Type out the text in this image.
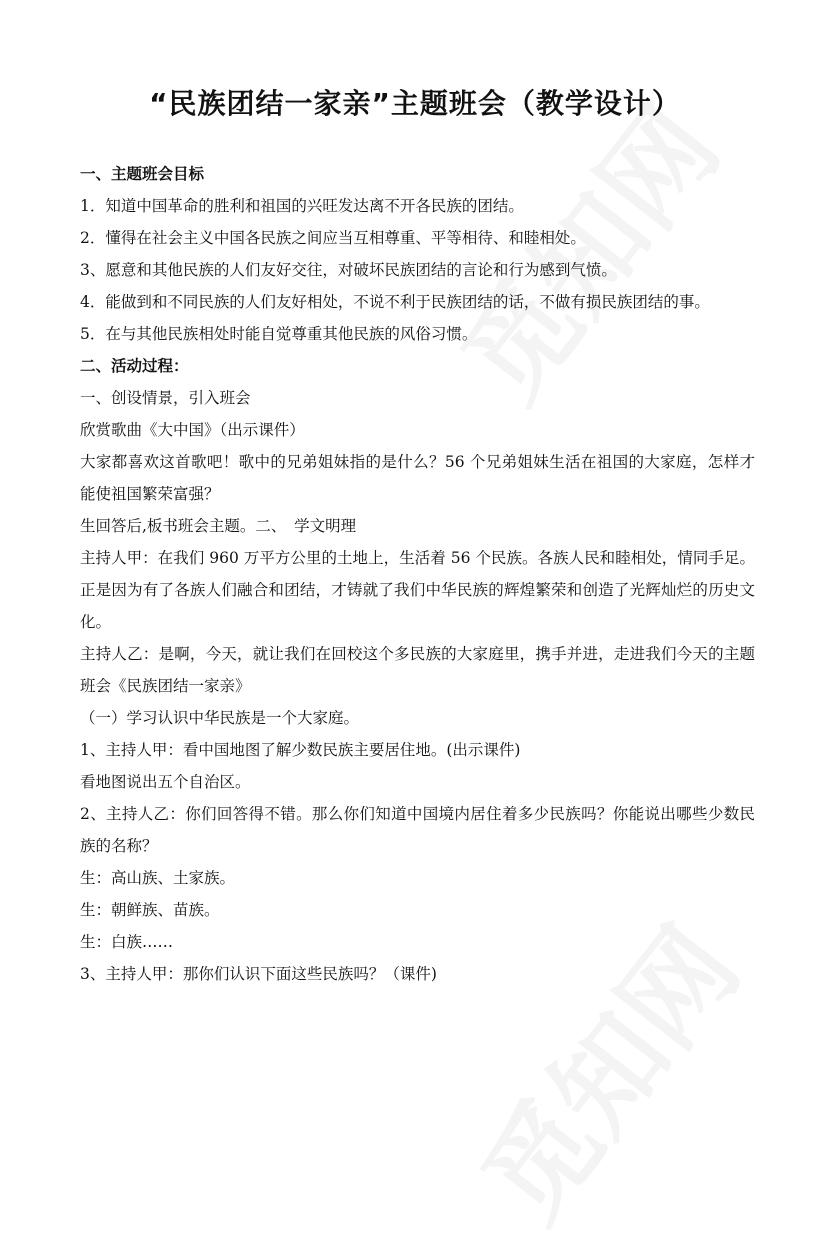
“民族团结一家亲”主题班会（教学设计）
一、主题班会目标
1．知道中国革命的胜利和祖国的兴旺发达离不开各民族的团结。
2．懂得在社会主义中国各民族之间应当互相尊重、平等相待、和睦相处。
3、愿意和其他民族的人们友好交往，对破坏民族团结的言论和行为感到气愤。
4．能做到和不同民族的人们友好相处，不说不利于民族团结的话，不做有损民族团结的事。
5．在与其他民族相处时能自觉尊重其他民族的风俗习惯。
二、活动过程：
一、创设情景，引入班会
欣赏歌曲《大中国》（出示课件）
大家都喜欢这首歌吧！歌中的兄弟姐妹指的是什么？56 个兄弟姐妹生活在祖国的大家庭，怎样才能使祖国繁荣富强？
生回答后,板书班会主题。二、　学文明理
主持人甲：在我们 960 万平方公里的土地上，生活着 56 个民族。各族人民和睦相处，情同手足。正是因为有了各族人们融合和团结，才铸就了我们中华民族的辉煌繁荣和创造了光辉灿烂的历史文化。
主持人乙：是啊，今天，就让我们在回校这个多民族的大家庭里，携手并进，走进我们今天的主题班会《民族团结一家亲》
（一）学习认识中华民族是一个大家庭。
1、主持人甲：看中国地图了解少数民族主要居住地。(出示课件)
看地图说出五个自治区。
2、主持人乙：你们回答得不错。那么你们知道中国境内居住着多少民族吗？你能说出哪些少数民族的名称？
生：高山族、土家族。
生：朝鲜族、苗族。
生：白族……
3、主持人甲：那你们认识下面这些民族吗？（课件)
